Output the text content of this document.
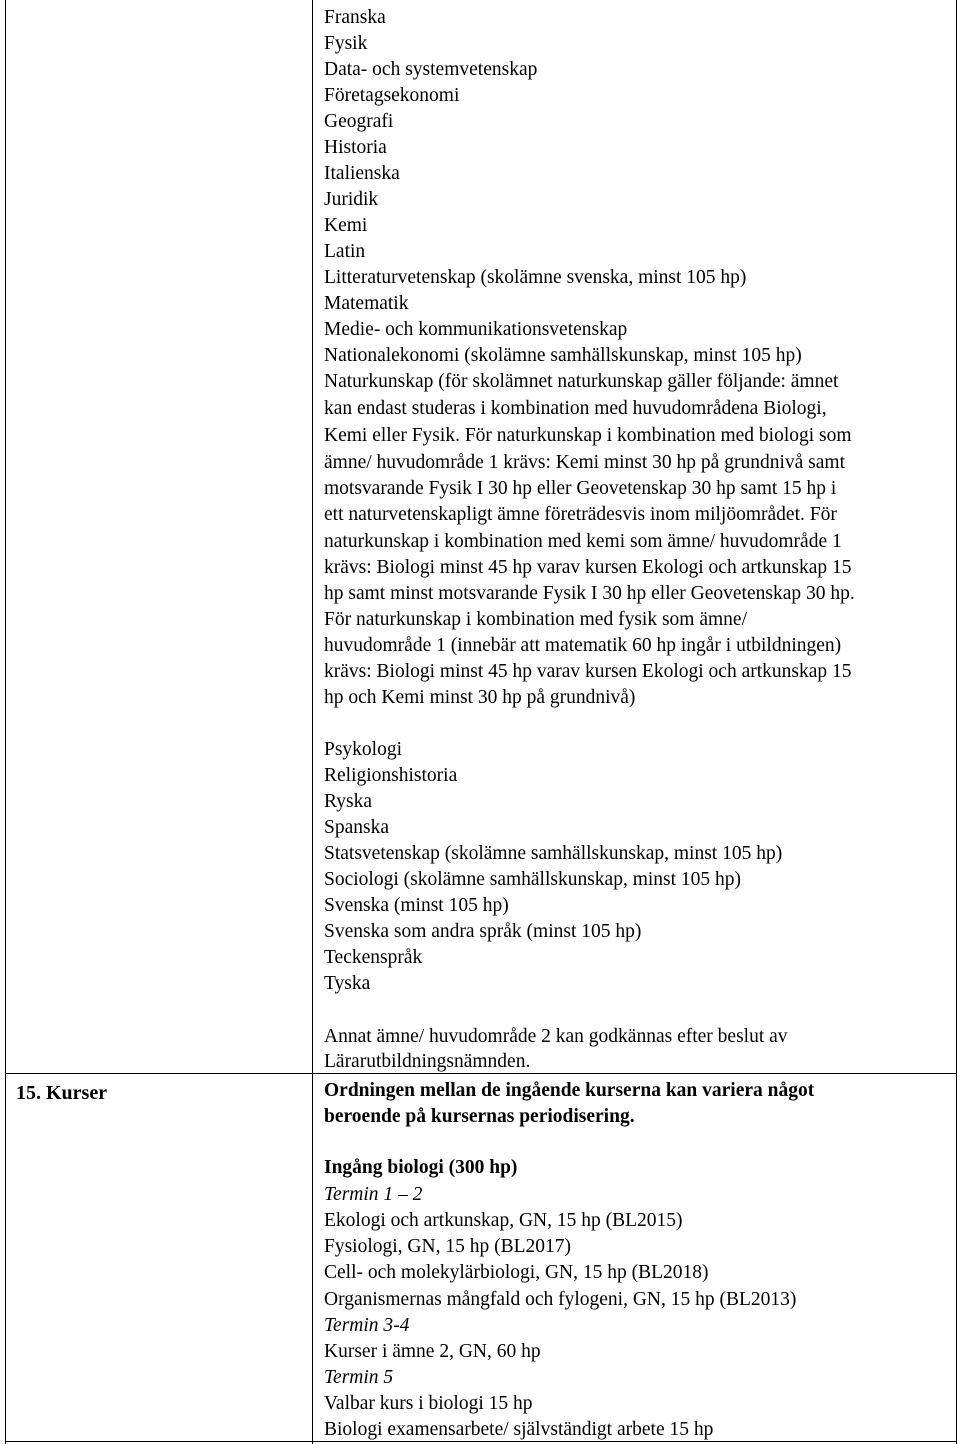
Franska
Fysik
Data- och systemvetenskap
Företagsekonomi
Geografi
Historia
Italienska
Juridik
Kemi
Latin
Litteraturvetenskap (skolämne svenska, minst 105 hp)
Matematik
Medie- och kommunikationsvetenskap
Nationalekonomi (skolämne samhällskunskap, minst 105 hp)
Naturkunskap (för skolämnet naturkunskap gäller följande: ämnet
kan endast studeras i kombination med huvudområdena Biologi,
Kemi eller Fysik. För naturkunskap i kombination med biologi som
ämne/ huvudområde 1 krävs: Kemi minst 30 hp på grundnivå samt
motsvarande Fysik I 30 hp eller Geovetenskap 30 hp samt 15 hp i
ett naturvetenskapligt ämne företrädesvis inom miljöområdet. För
naturkunskap i kombination med kemi som ämne/ huvudområde 1
krävs: Biologi minst 45 hp varav kursen Ekologi och artkunskap 15
hp samt minst motsvarande Fysik I 30 hp eller Geovetenskap 30 hp.
För naturkunskap i kombination med fysik som ämne/
huvudområde 1 (innebär att matematik 60 hp ingår i utbildningen)
krävs: Biologi minst 45 hp varav kursen Ekologi och artkunskap 15
hp och Kemi minst 30 hp på grundnivå)
Psykologi
Religionshistoria
Ryska
Spanska
Statsvetenskap (skolämne samhällskunskap, minst 105 hp)
Sociologi (skolämne samhällskunskap, minst 105 hp)
Svenska (minst 105 hp)
Svenska som andra språk (minst 105 hp)
Teckenspråk
Tyska
Annat ämne/ huvudområde 2 kan godkännas efter beslut av
Lärarutbildningsnämnden.
15. Kurser	Ordningen mellan de ingående kurserna kan variera något
beroende på kursernas periodisering.
Ingång biologi (300 hp)
Termin 1 – 2
Ekologi och artkunskap, GN, 15 hp (BL2015)
Fysiologi, GN, 15 hp (BL2017)
Cell- och molekylärbiologi, GN, 15 hp (BL2018)
Organismernas mångfald och fylogeni, GN, 15 hp (BL2013)
Termin 3-4
Kurser i ämne 2, GN, 60 hp
Termin 5
Valbar kurs i biologi 15 hp
Biologi examensarbete/ självständigt arbete 15 hp
